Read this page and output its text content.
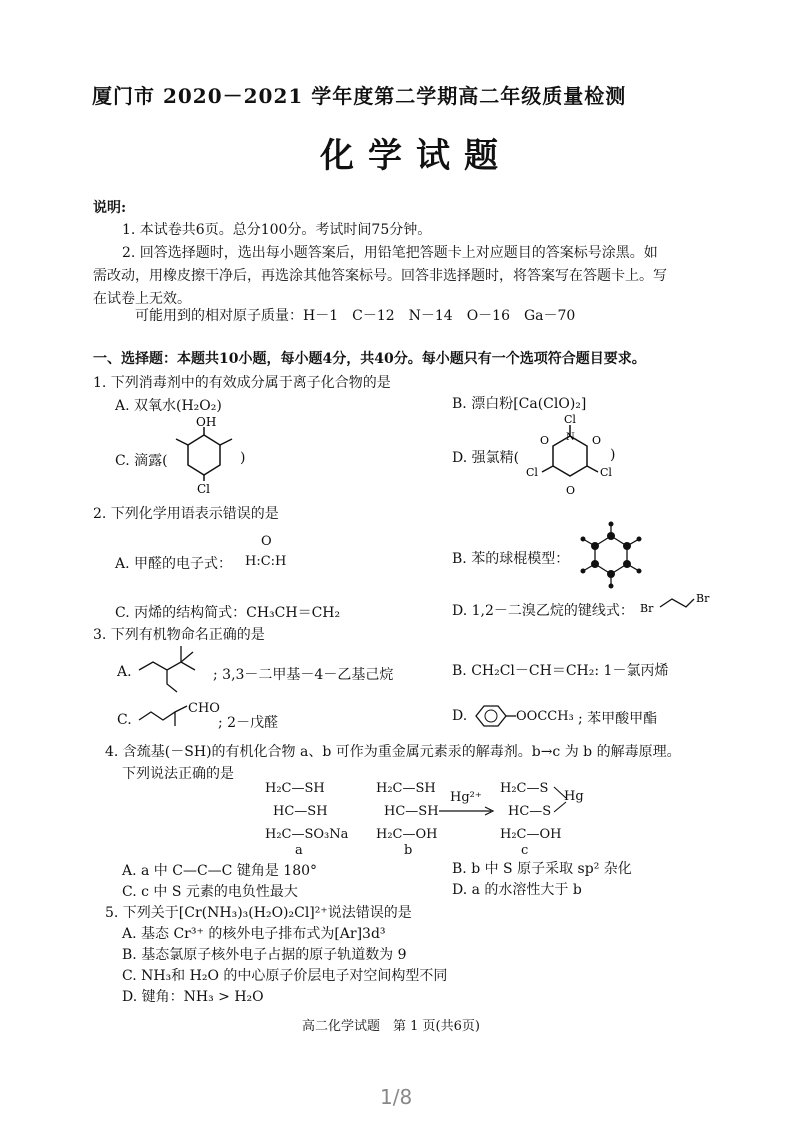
厦门市 2020－2021 学年度第二学期高二年级质量检测
化学试题
说明:
1. 本试卷共6页。总分100分。考试时间75分钟。
2. 回答选择题时，选出每小题答案后，用铅笔把答题卡上对应题目的答案标号涂黑。如
需改动，用橡皮擦干净后，再选涂其他答案标号。回答非选择题时，将答案写在答题卡上。写
在试卷上无效。
可能用到的相对原子质量：H－1　C－12　N－14　O－16　Ga－70
一、选择题：本题共10小题，每小题4分，共40分。每小题只有一个选项符合题目要求。
1. 下列消毒剂中的有效成分属于离子化合物的是
A. 双氧水(H₂O₂)	B. 漂白粉[Ca(ClO)₂]
C. 滴露(
OH
Cl
)	D. 强氯精(
Cl
Cl	Cl
O	O
O
N
)
2. 下列化学用语表示错误的是
A. 甲醛的电子式：
O
H:C:H	B. 苯的球棍模型：
C. 丙烯的结构简式：CH₃CH＝CH₂	D. 1,2－二溴乙烷的键线式： Br
Br
3. 下列有机物命名正确的是
A.	; 3,3－二甲基－4－乙基己烷	B. CH₂Cl－CH＝CH₂: 1－氯丙烯
C.
CHO
; 2－戊醛	D.	OOCCH₃ ; 苯甲酸甲酯
4. 含巯基(－SH)的有机化合物 a、b 可作为重金属元素汞的解毒剂。b→c 为 b 的解毒原理。
下列说法正确的是
H₂C—SH
HC—SH
H₂C—SO₃Na
H₂C—SH
HC—SH
H₂C—OH
Hg²⁺
H₂C—S
HC—S
H₂C—OH
Hg
a	b	c
A. a 中 C—C—C 键角是 180°	B. b 中 S 原子采取 sp² 杂化
C. c 中 S 元素的电负性最大	D. a 的水溶性大于 b
5. 下列关于[Cr(NH₃)₃(H₂O)₂Cl]²⁺说法错误的是
A. 基态 Cr³⁺ 的核外电子排布式为[Ar]3d³
B. 基态氯原子核外电子占据的原子轨道数为 9
C. NH₃和 H₂O 的中心原子价层电子对空间构型不同
D. 键角：NH₃ > H₂O
高二化学试题　第 1 页(共6页)
1/8
